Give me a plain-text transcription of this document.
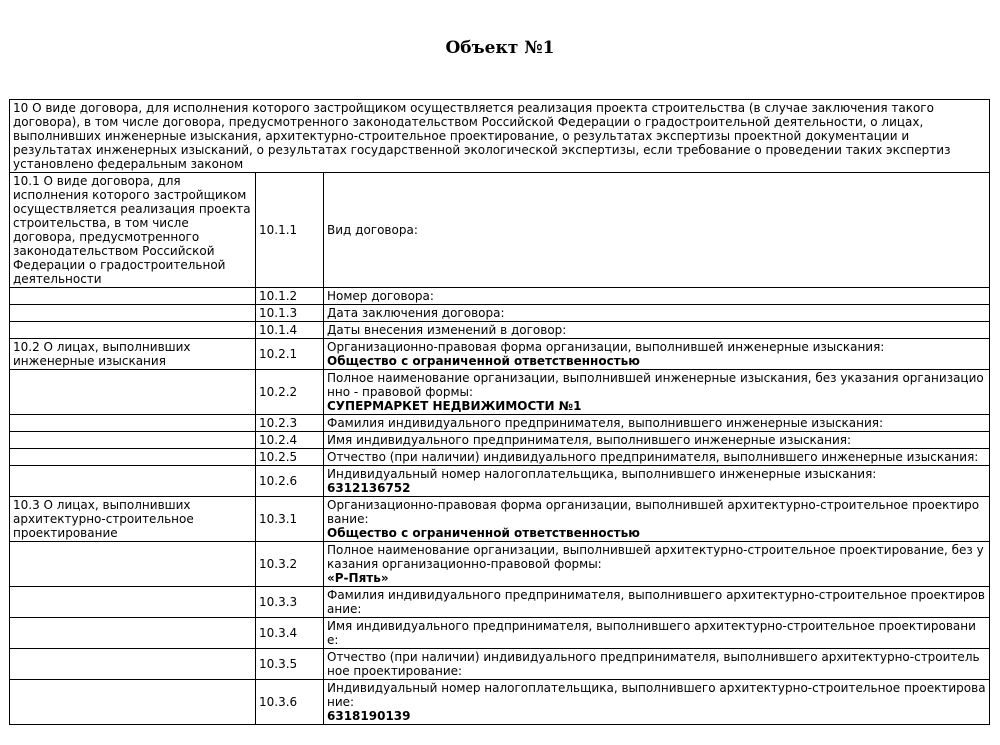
Объект №1
10 О виде договора, для исполнения которого застройщиком осуществляется реализация проекта строительства (в случае заключения такого договора), в том числе договора, предусмотренного законодательством Российской Федерации о градостроительной деятельности, о лицах, выполнивших инженерные изыскания, архитектурно-строительное проектирование, о результатах экспертизы проектной документации и результатах инженерных изысканий, о результатах государственной экологической экспертизы, если требование о проведении таких экспертиз установлено федеральным законом		
10.1 О виде договора, для исполнения которого застройщиком осуществляется реализация проекта строительства, в том числе договора, предусмотренного законодательством Российской Федерации о градостроительной деятельности	10.1.1	Вид договора:

	10.1.2	Номер договора:

	10.1.3	Дата заключения договора:

	10.1.4	Даты внесения изменений в договор:

10.2 О лицах, выполнивших инженерные изыскания	10.2.1	Организационно-правовая форма организации, выполнившей инженерные изыскания:
Общество с ограниченной ответственностью

	10.2.2	Полное наименование организации, выполнившей инженерные изыскания, без указания организационно - правовой формы:
СУПЕРМАРКЕТ НЕДВИЖИМОСТИ №1

	10.2.3	Фамилия индивидуального предпринимателя, выполнившего инженерные изыскания:

	10.2.4	Имя индивидуального предпринимателя, выполнившего инженерные изыскания:

	10.2.5	Отчество (при наличии) индивидуального предпринимателя, выполнившего инженерные изыскания:

	10.2.6	Индивидуальный номер налогоплательщика, выполнившего инженерные изыскания:
6312136752

10.3 О лицах, выполнивших архитектурно-строительное проектирование	10.3.1	Организационно-правовая форма организации, выполнившей архитектурно-строительное проектирование:
Общество с ограниченной ответственностью

	10.3.2	Полное наименование организации, выполнившей архитектурно-строительное проектирование, без указания организационно-правовой формы:
«Р-Пять»

	10.3.3	Фамилия индивидуального предпринимателя, выполнившего архитектурно-строительное проектирование:

	10.3.4	Имя индивидуального предпринимателя, выполнившего архитектурно-строительное проектирование:

	10.3.5	Отчество (при наличии) индивидуального предпринимателя, выполнившего архитектурно-строительное проектирование:

	10.3.6	Индивидуальный номер налогоплательщика, выполнившего архитектурно-строительное проектирование:
6318190139
